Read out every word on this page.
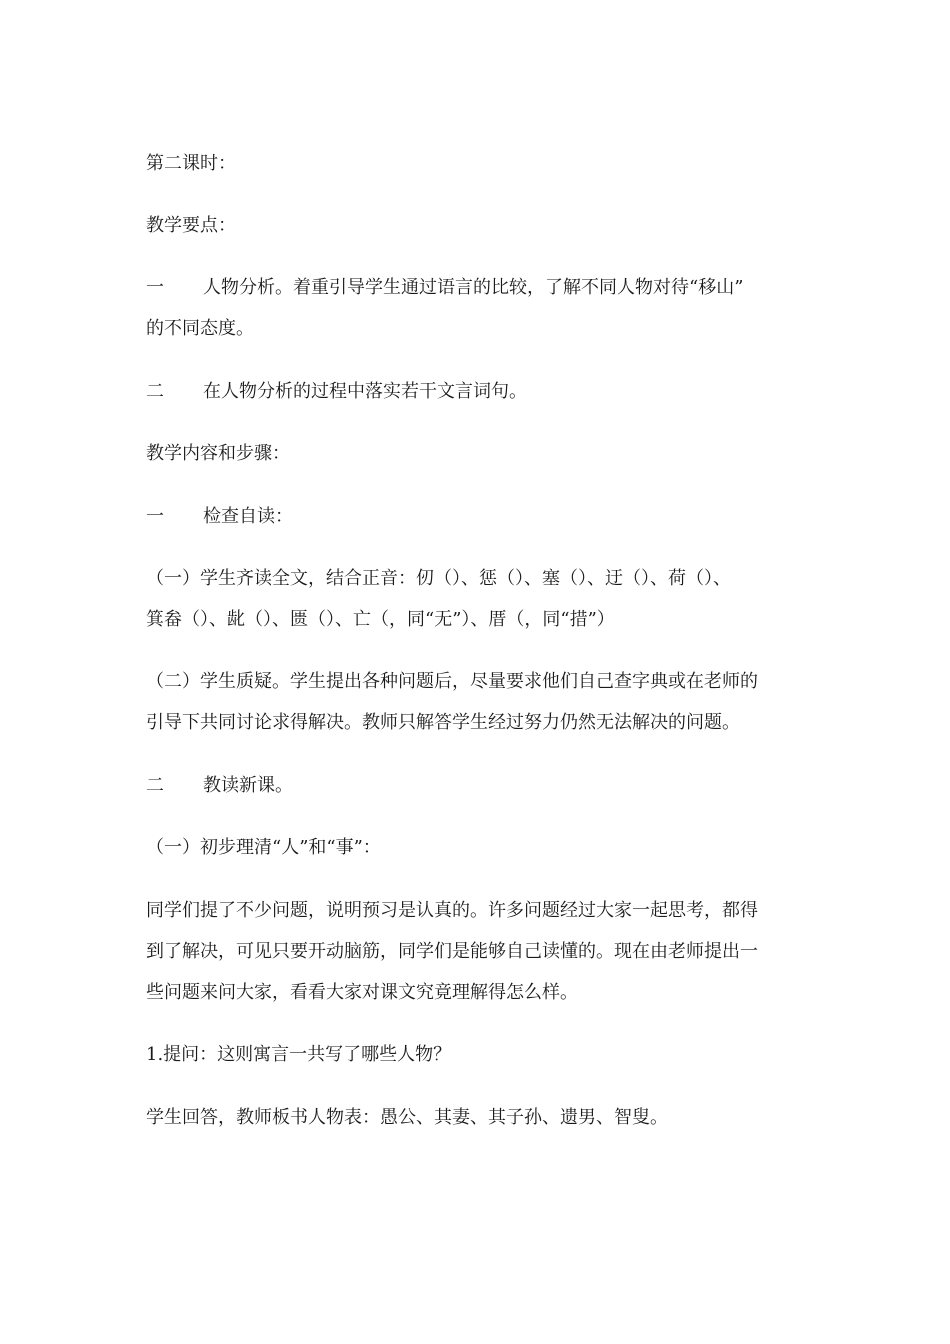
第二课时：
教学要点：
一 人物分析。着重引导学生通过语言的比较，了解不同人物对待“移山”
的不同态度。
二 在人物分析的过程中落实若干文言词句。
教学内容和步骤：
一 检查自读：
（一）学生齐读全文，结合正音：仞（）、惩（）、塞（）、迂（）、荷（）、
箕畚（）、龀（）、匮（）、亡（，同“无”）、厝（，同“措”）
（二）学生质疑。学生提出各种问题后，尽量要求他们自己查字典或在老师的
引导下共同讨论求得解决。教师只解答学生经过努力仍然无法解决的问题。
二 教读新课。
（一）初步理清“人”和“事”：
同学们提了不少问题，说明预习是认真的。许多问题经过大家一起思考，都得
到了解决，可见只要开动脑筋，同学们是能够自己读懂的。现在由老师提出一
些问题来问大家，看看大家对课文究竟理解得怎么样。
1.提问：这则寓言一共写了哪些人物？
学生回答，教师板书人物表：愚公、其妻、其子孙、遗男、智叟。
